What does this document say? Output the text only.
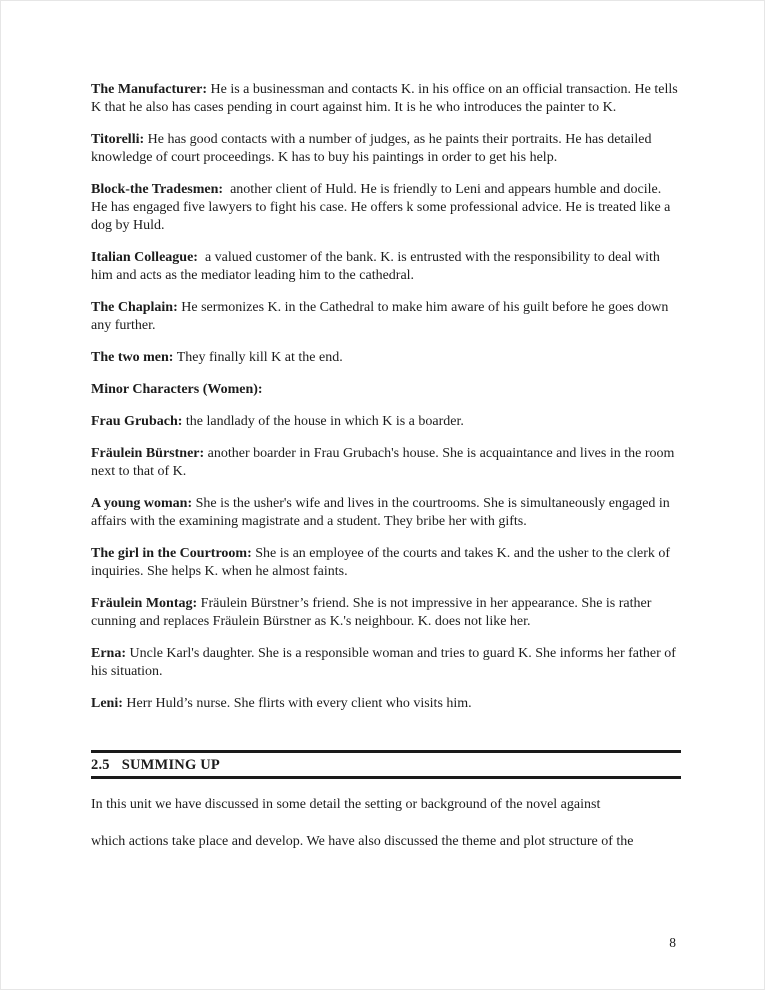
The Manufacturer: He is a businessman and contacts K. in his office on an official transaction. He tells K that he also has cases pending in court against him. It is he who introduces the painter to K.

Titorelli: He has good contacts with a number of judges, as he paints their portraits. He has detailed knowledge of court proceedings. K has to buy his paintings in order to get his help.

Block-the Tradesmen: another client of Huld. He is friendly to Leni and appears humble and docile. He has engaged five lawyers to fight his case. He offers k some professional advice. He is treated like a dog by Huld.

Italian Colleague: a valued customer of the bank. K. is entrusted with the responsibility to deal with him and acts as the mediator leading him to the cathedral.

The Chaplain: He sermonizes K. in the Cathedral to make him aware of his guilt before he goes down any further.

The two men: They finally kill K at the end.

Minor Characters (Women):

Frau Grubach: the landlady of the house in which K is a boarder.

Fräulein Bürstner: another boarder in Frau Grubach's house. She is acquaintance and lives in the room next to that of K.

A young woman: She is the usher's wife and lives in the courtrooms. She is simultaneously engaged in affairs with the examining magistrate and a student. They bribe her with gifts.

The girl in the Courtroom: She is an employee of the courts and takes K. and the usher to the clerk of inquiries. She helps K. when he almost faints.

Fräulein Montag: Fräulein Bürstner’s friend. She is not impressive in her appearance. She is rather cunning and replaces Fräulein Bürstner as K.'s neighbour. K. does not like her.

Erna: Uncle Karl's daughter. She is a responsible woman and tries to guard K. She informs her father of his situation.

Leni: Herr Huld’s nurse. She flirts with every client who visits him.

2.5 SUMMING UP

In this unit we have discussed in some detail the setting or background of the novel against

which actions take place and develop. We have also discussed the theme and plot structure of the

8
